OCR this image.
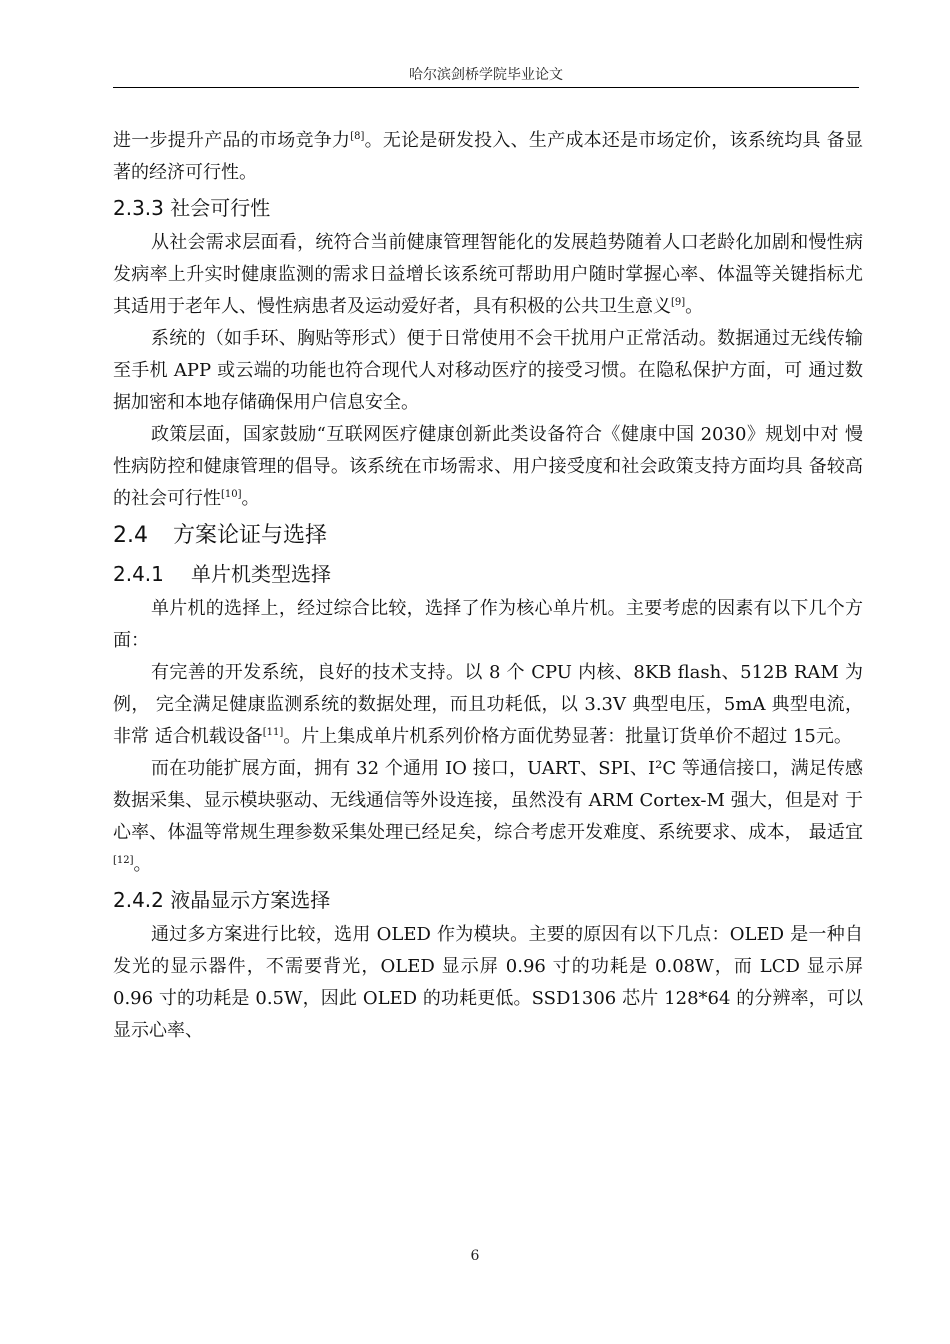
哈尔滨剑桥学院毕业论文

进一步提升产品的市场竞争力[8]。无论是研发投入、生产成本还是市场定价，该系统均具 备显著的经济可行性。

2.3.3 社会可行性

从社会需求层面看，统符合当前健康管理智能化的发展趋势随着人口老龄化加剧和慢性病发病率上升实时健康监测的需求日益增长该系统可帮助用户随时掌握心率、体温等关键指标尤其适用于老年人、慢性病患者及运动爱好者，具有积极的公共卫生意义[9]。

系统的（如手环、胸贴等形式）便于日常使用不会干扰用户正常活动。数据通过无线传输至手机 APP 或云端的功能也符合现代人对移动医疗的接受习惯。在隐私保护方面，可 通过数据加密和本地存储确保用户信息安全。

政策层面，国家鼓励“互联网医疗健康创新此类设备符合《健康中国 2030》规划中对 慢性病防控和健康管理的倡导。该系统在市场需求、用户接受度和社会政策支持方面均具 备较高的社会可行性[10]。

2.4 方案论证与选择
2.4.1 单片机类型选择

单片机的选择上，经过综合比较，选择了作为核心单片机。主要考虑的因素有以下几个方面：

有完善的开发系统，良好的技术支持。以 8 个 CPU 内核、8KB flash、512B RAM 为例， 完全满足健康监测系统的数据处理，而且功耗低，以 3.3V 典型电压，5mA 典型电流，非常 适合机载设备[11]。片上集成单片机系列价格方面优势显著：批量订货单价不超过 15元。

而在功能扩展方面，拥有 32 个通用 IO 接口，UART、SPI、I²C 等通信接口，满足传感 数据采集、显示模块驱动、无线通信等外设连接，虽然没有 ARM Cortex-M 强大，但是对 于心率、体温等常规生理参数采集处理已经足矣，综合考虑开发难度、系统要求、成本， 最适宜[12]。

2.4.2 液晶显示方案选择

通过多方案进行比较，选用 OLED 作为模块。主要的原因有以下几点：OLED 是一种自 发光的显示器件，不需要背光，OLED 显示屏 0.96 寸的功耗是 0.08W，而 LCD 显示屏 0.96 寸的功耗是 0.5W，因此 OLED 的功耗更低。SSD1306 芯片 128*64 的分辨率，可以显示心率、

6
